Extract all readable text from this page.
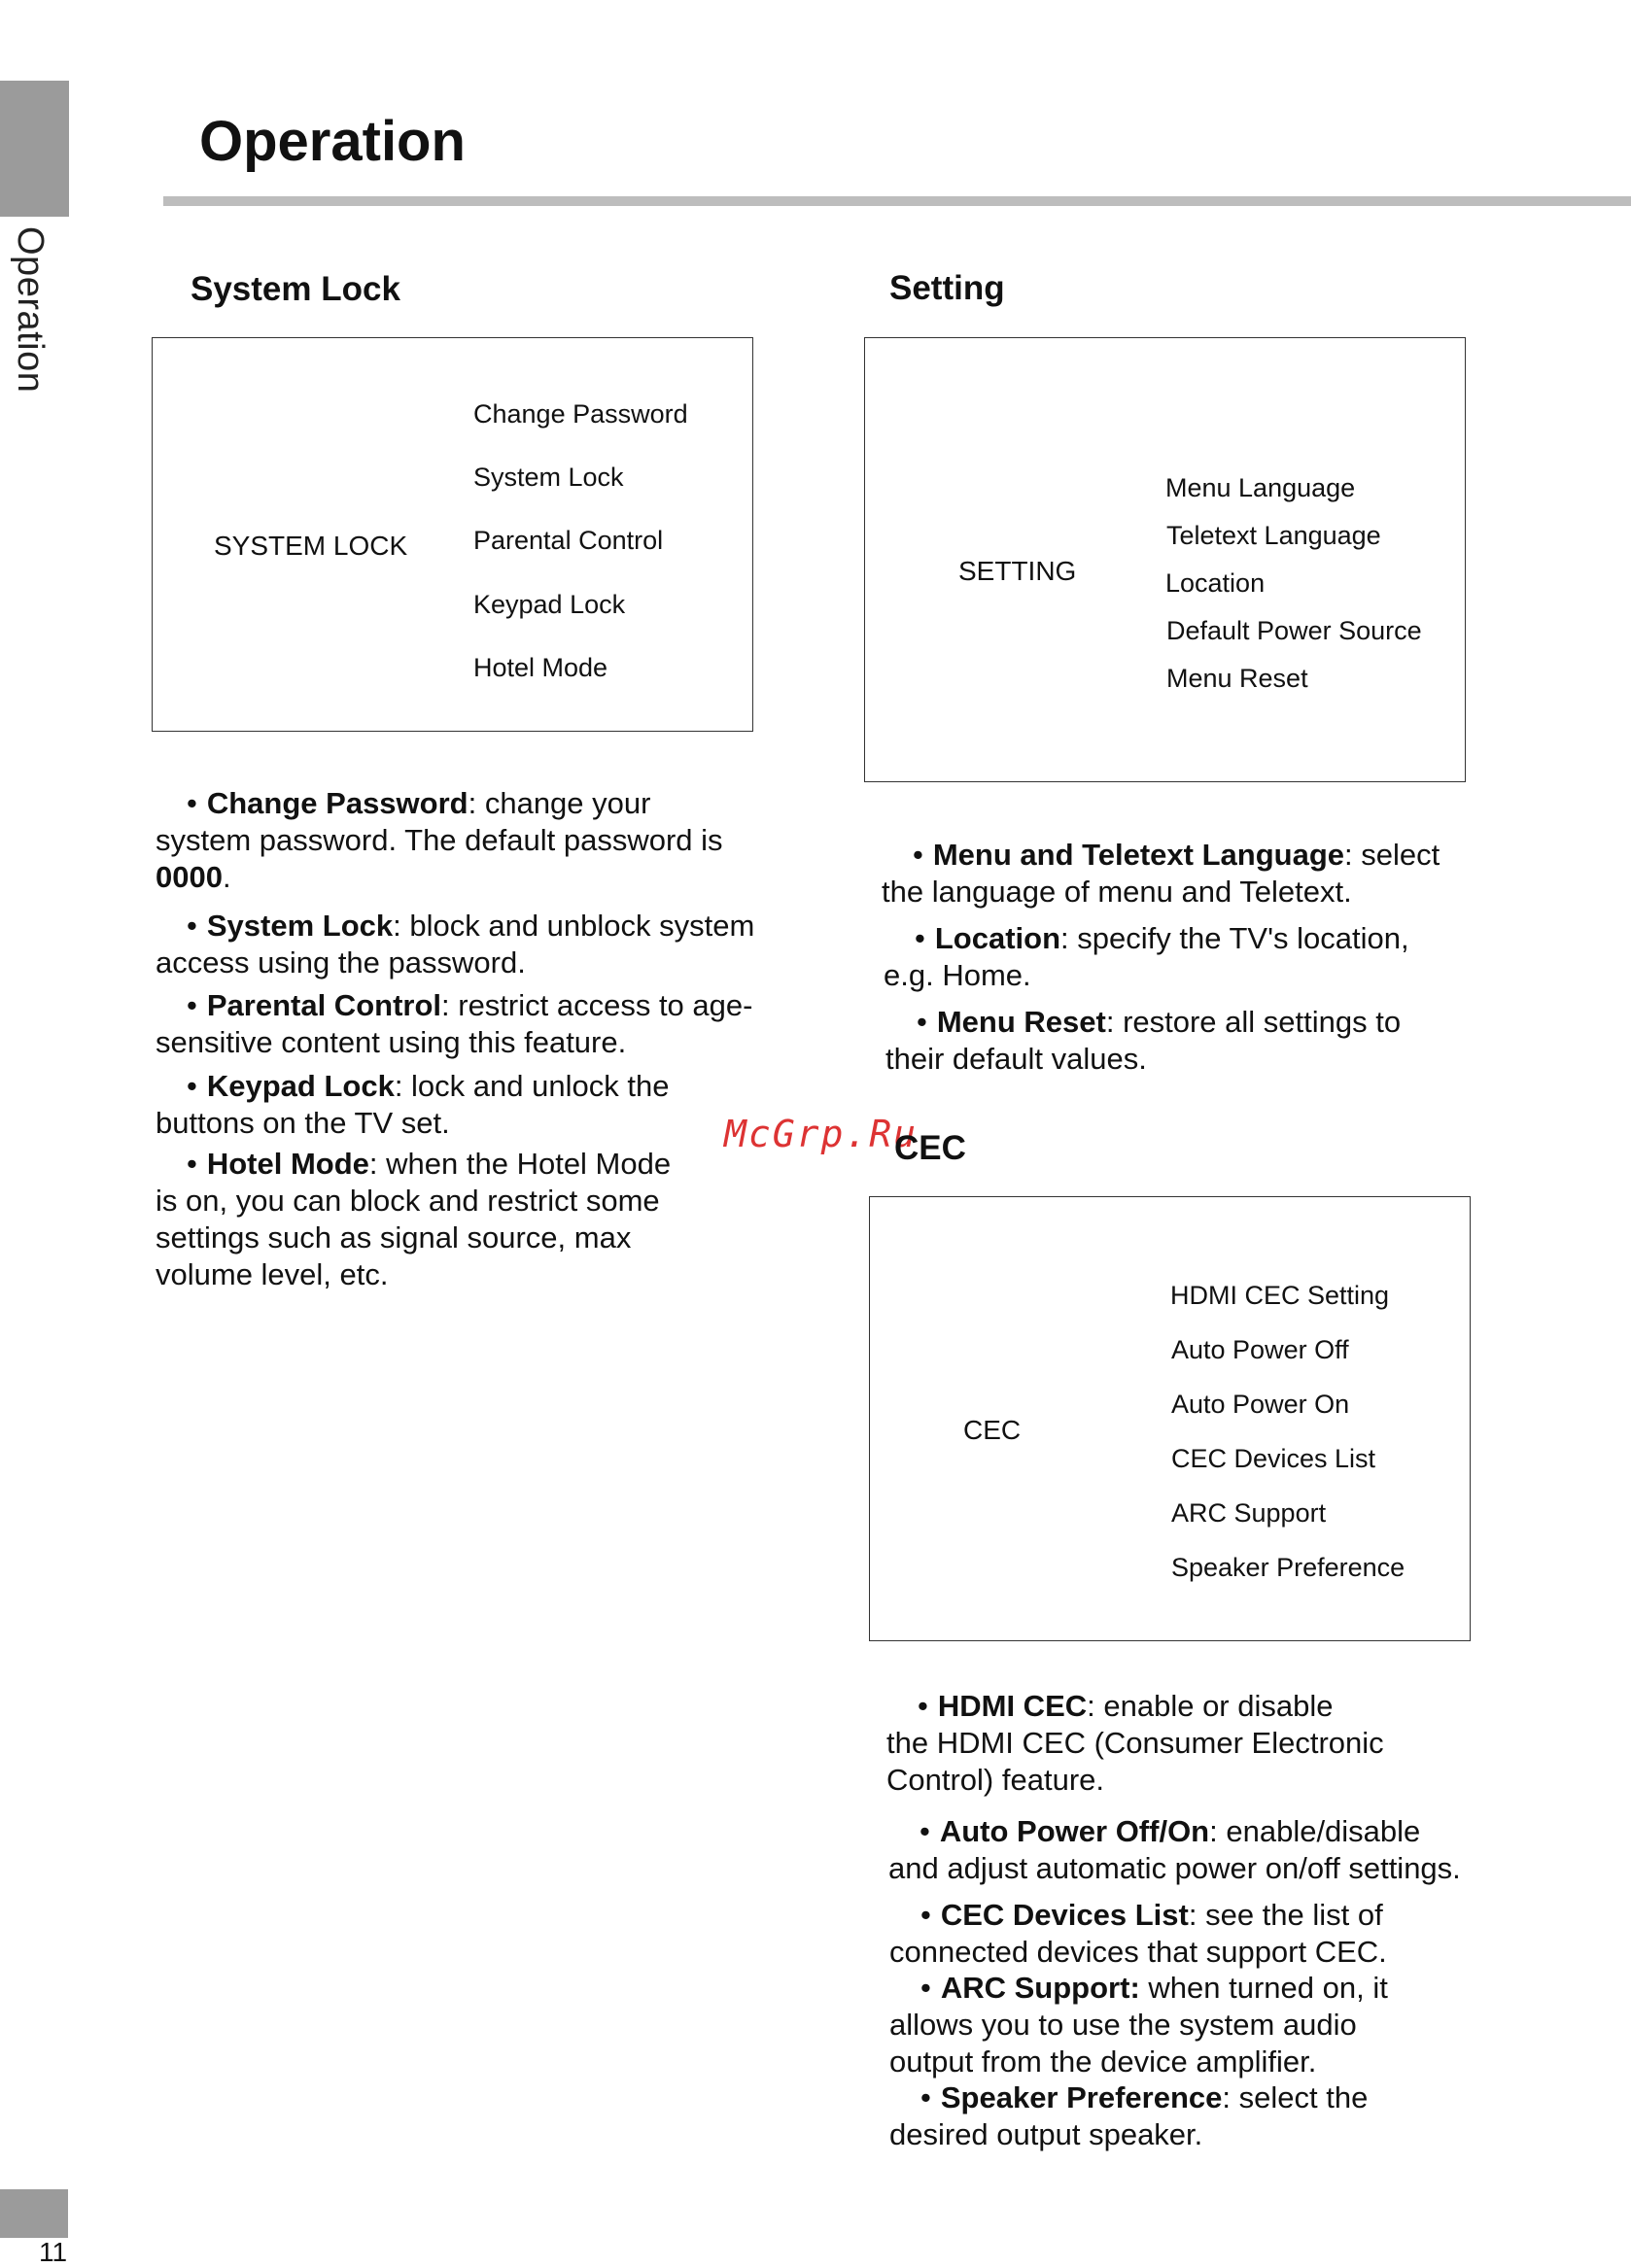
Operation
Operation
System Lock
SYSTEM LOCK
Change Password
System Lock
Parental Control
Keypad Lock
Hotel Mode
• Change Password: change your
system password. The default password is
0000.
• System Lock: block and unblock system
access using the password.
• Parental Control: restrict access to age-
sensitive content using this feature.
• Keypad Lock: lock and unlock the
buttons on the TV set.
• Hotel Mode: when the Hotel Mode
is on, you can block and restrict some
settings such as signal source, max
volume level, etc.
Setting
SETTING
Menu Language
Teletext Language
Location
Default Power Source
Menu Reset
• Menu and Teletext Language: select
the language of menu and Teletext.
• Location: specify the TV's location,
e.g. Home.
• Menu Reset: restore all settings to
their default values.
McGrp.Ru
CEC
CEC
HDMI CEC Setting
Auto Power Off
Auto Power On
CEC Devices List
ARC Support
Speaker Preference
• HDMI CEC: enable or disable
the HDMI CEC (Consumer Electronic
Control) feature.
• Auto Power Off/On: enable/disable
and adjust automatic power on/off settings.
• CEC Devices List: see the list of
connected devices that support CEC.
• ARC Support: when turned on, it
allows you to use the system audio
output from the device amplifier.
• Speaker Preference: select the
desired output speaker.
11
